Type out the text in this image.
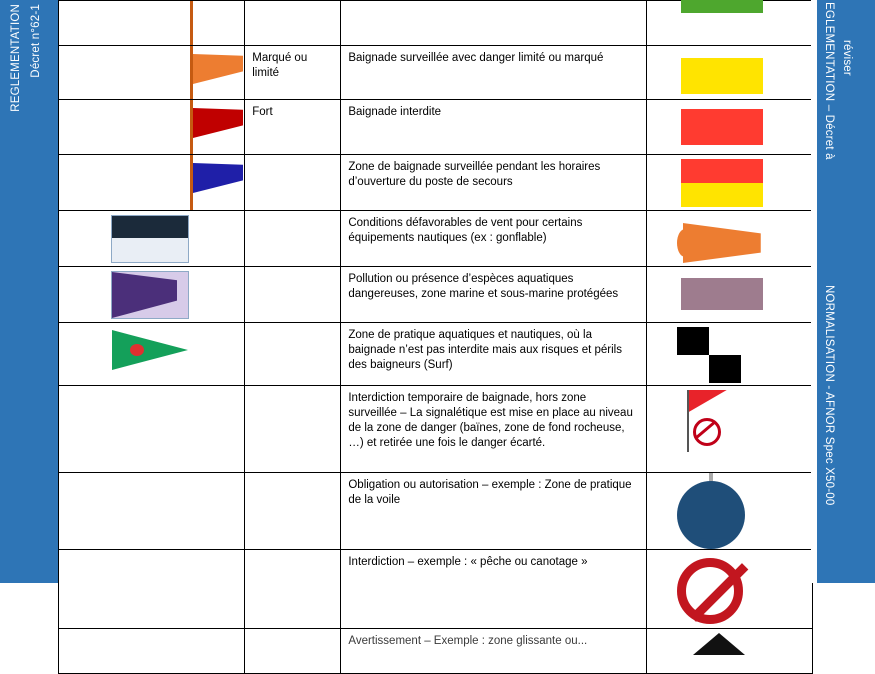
REGLEMENTATION Décret n°62-1

	Marqué ou limité	Baignade surveillée avec danger limité ou marqué	

	Fort	Baignade interdite	

		Zone de baignade surveillée pendant les horaires d’ouverture du poste de secours	

		Conditions défavorables de vent pour certains équipements nautiques (ex : gonflable)	

		Pollution ou présence d’espèces aquatiques dangereuses, zone marine et sous-marine protégées	

		Zone de pratique aquatiques et nautiques, où la baignade n’est pas interdite mais aux risques et périls des baigneurs (Surf)	

		Interdiction temporaire de baignade, hors zone surveillée – La signalétique est mise en place au niveau de la zone de danger (baïnes, zone de fond rocheuse, …) et retirée une fois le danger écarté.	

		Obligation ou autorisation – exemple : Zone de pratique de la voile	

		Interdiction – exemple : « pêche ou canotage »	

		Avertissement – Exemple : zone glissante ou...	

EGLEMENTATION – Décret à réviser
NORMALISATION - AFNOR Spec X50-00
